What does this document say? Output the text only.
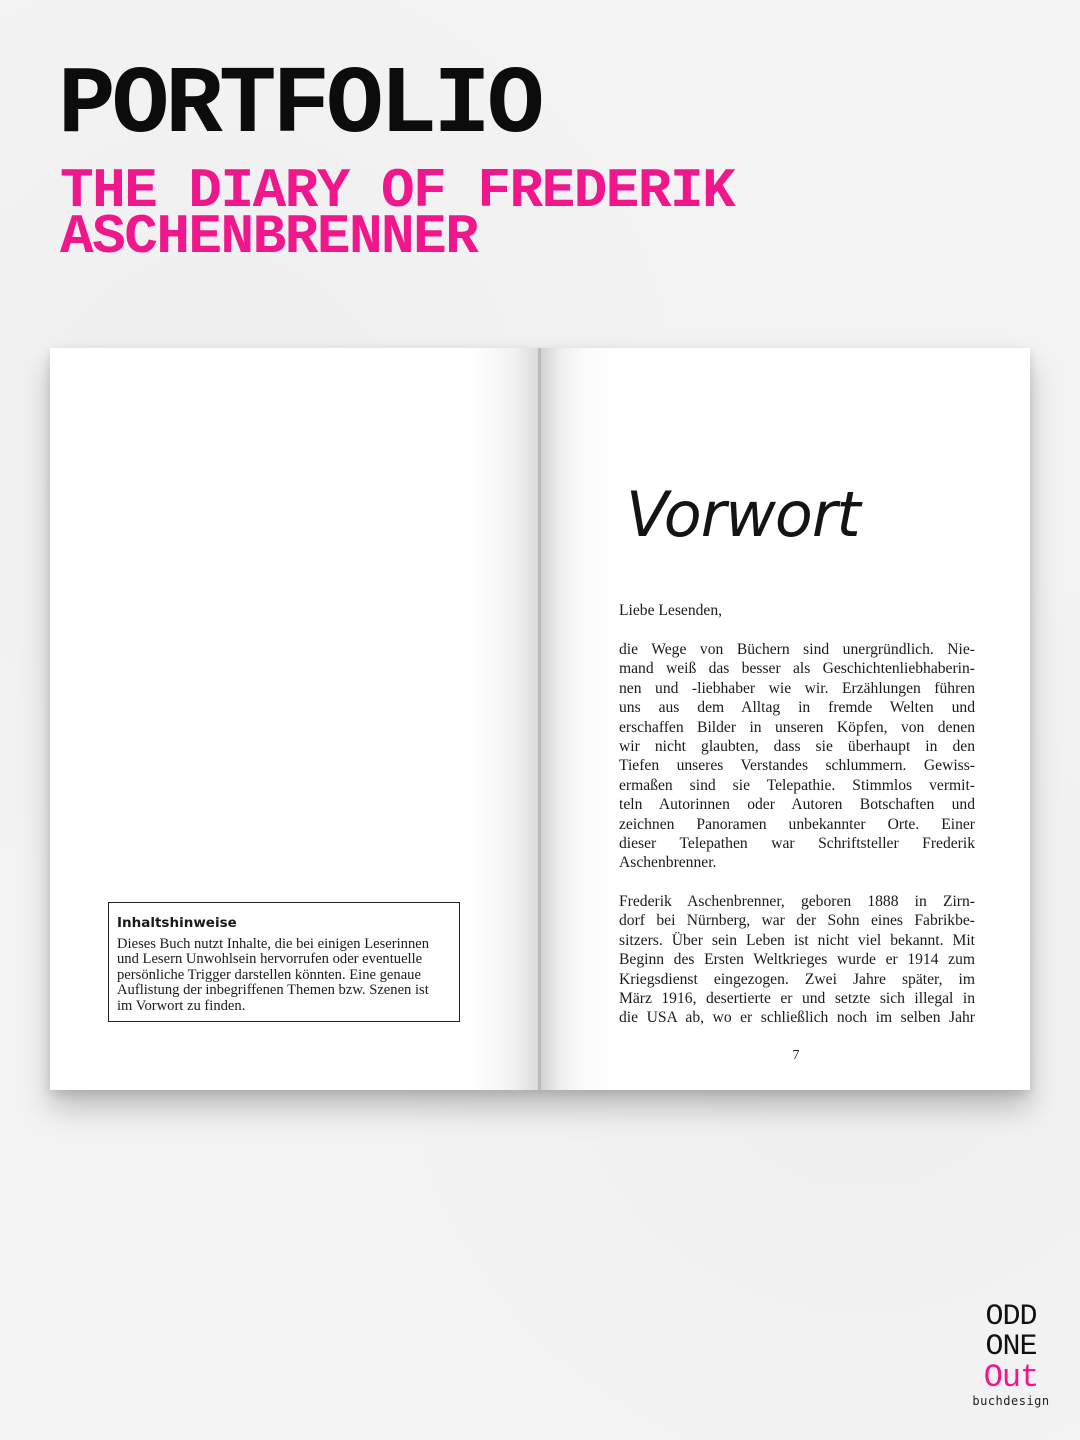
PORTFOLIO
THE DIARY OF FREDERIK
ASCHENBRENNER
Inhaltshinweise
Dieses Buch nutzt Inhalte, die bei einigen Leserinnen
und Lesern Unwohlsein hervorrufen oder eventuelle
persönliche Trigger darstellen könnten. Eine genaue
Auflistung der inbegriffenen Themen bzw. Szenen ist
im Vorwort zu finden.
Vorwort
Liebe Lesenden,
die Wege von Büchern sind unergründlich. Nie-
mand weiß das besser als Geschichtenliebhaberin-
nen und -liebhaber wie wir. Erzählungen führen
uns aus dem Alltag in fremde Welten und
erschaffen Bilder in unseren Köpfen, von denen
wir nicht glaubten, dass sie überhaupt in den
Tiefen unseres Verstandes schlummern. Gewiss-
ermaßen sind sie Telepathie. Stimmlos vermit-
teln Autorinnen oder Autoren Botschaften und
zeichnen Panoramen unbekannter Orte. Einer
dieser Telepathen war Schriftsteller Frederik
Aschenbrenner.
Frederik Aschenbrenner, geboren 1888 in Zirn-
dorf bei Nürnberg, war der Sohn eines Fabrikbe-
sitzers. Über sein Leben ist nicht viel bekannt. Mit
Beginn des Ersten Weltkrieges wurde er 1914 zum
Kriegsdienst eingezogen. Zwei Jahre später, im
März 1916, desertierte er und setzte sich illegal in
die USA ab, wo er schließlich noch im selben Jahr
7
ODD
ONE
Out
buchdesign
